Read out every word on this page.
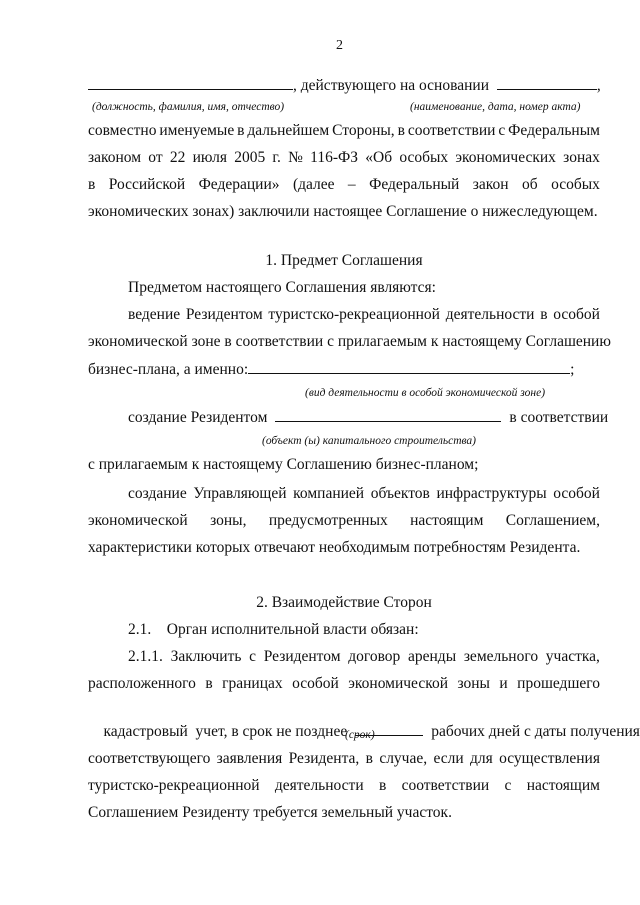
2
, действующего на основании	,
(должность, фамилия, имя, отчество)	(наименование, дата, номер акта)
совместно именуемые в дальнейшем Стороны, в соответствии с Федеральным
законом от 22 июля 2005 г. № 116-ФЗ «Об особых экономических зонах
в Российской Федерации» (далее – Федеральный закон об особых
экономических зонах) заключили настоящее Соглашение о нижеследующем.
1. Предмет Соглашения
Предметом настоящего Соглашения являются:
ведение Резидентом туристско-рекреационной деятельности в особой
экономической зоне в соответствии с прилагаемым к настоящему Соглашению
бизнес-плана, а именно:	;
(вид деятельности в особой экономической зоне)
создание Резидентом	в соответствии
(объект (ы) капитального строительства)
с прилагаемым к настоящему Соглашению бизнес-планом;
создание Управляющей компанией объектов инфраструктуры особой
экономической зоны, предусмотренных настоящим Соглашением,
характеристики которых отвечают необходимым потребностям Резидента.
2. Взаимодействие Сторон
2.1.    Орган исполнительной власти обязан:
2.1.1. Заключить с Резидентом договор аренды земельного участка,
расположенного в границах особой экономической зоны и прошедшего

кадастровый  учет, в срок не позднее	рабочих дней с даты получения

(срок)
соответствующего заявления Резидента, в случае, если для осуществления
туристско-рекреационной деятельности в соответствии с настоящим
Соглашением Резиденту требуется земельный участок.
